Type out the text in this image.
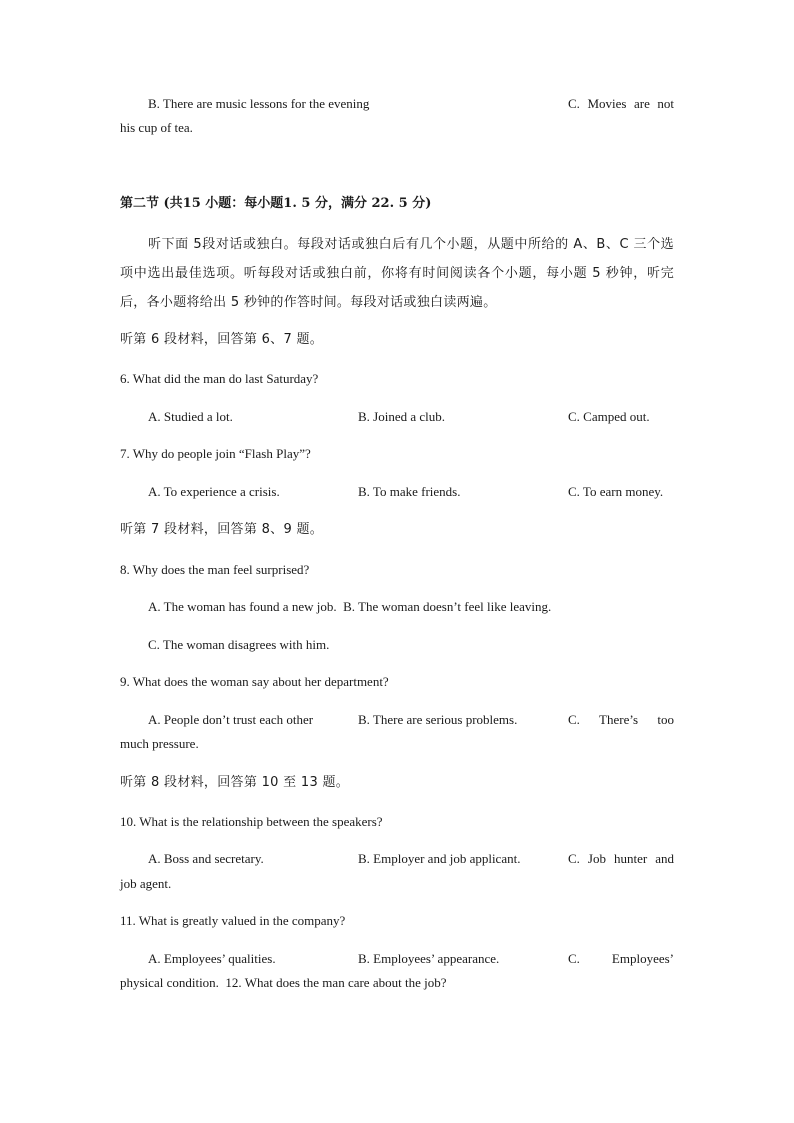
B. There are music lessons for the evening	C. Movies are not

his cup of tea.

第二节 (共15 小题：每小题1. 5 分，满分 22. 5 分)

听下面 5段对话或独白。每段对话或独白后有几个小题，从题中所给的 A、B、C 三个选项中选出最佳选项。听每段对话或独白前，你将有时间阅读各个小题，每小题 5 秒钟，听完后，各小题将给出 5 秒钟的作答时间。每段对话或独白读两遍。

听第 6 段材料，回答第 6、7 题。

6. What did the man do last Saturday?

A. Studied a lot.	B. Joined a club.	C. Camped out.

7. Why do people join “Flash Play”?

A. To experience a crisis.	B. To make friends.	C. To earn money.

听第 7 段材料，回答第 8、9 题。

8. Why does the man feel surprised?

A. The woman has found a new job.  B. The woman doesn’t feel like leaving.

C. The woman disagrees with him.

9. What does the woman say about her department?

A. People don’t trust each other	B. There are serious problems.	C.    There’s    too

much pressure.

听第 8 段材料，回答第 10 至 13 题。

10. What is the relationship between the speakers?

A. Boss and secretary.	B. Employer and job applicant.	C. Job hunter and

job agent.

11. What is greatly valued in the company?

A. Employees’ qualities.	B. Employees’ appearance.	C.        Employees’

physical condition.  12. What does the man care about the job?
